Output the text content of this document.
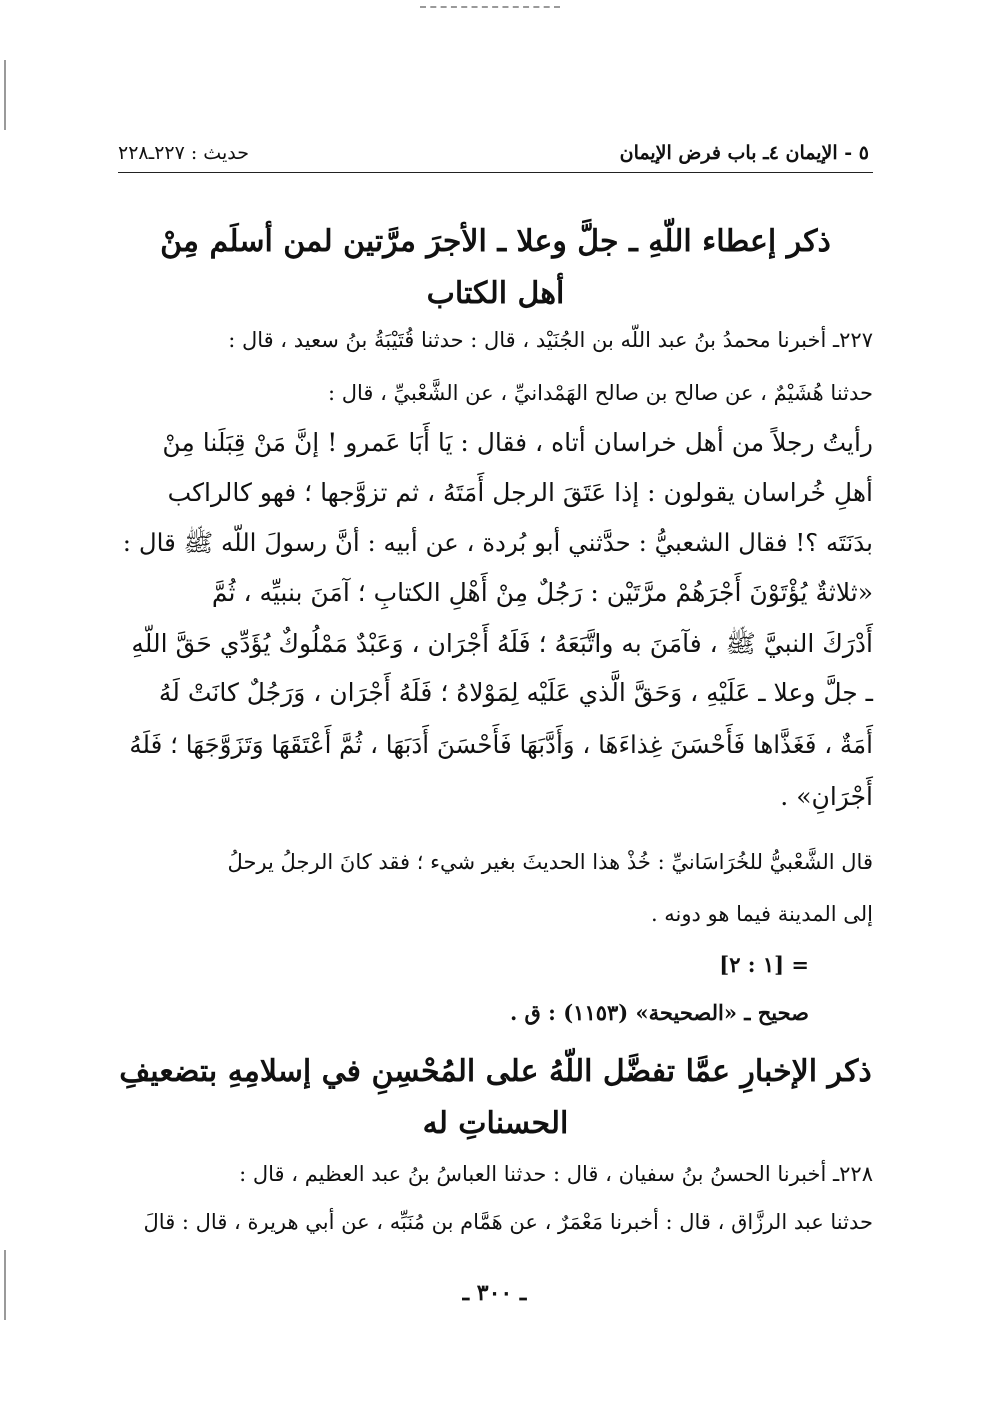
٥ - الإيمان ٤ـ باب فرض الإيمان
حديث : ٢٢٧ـ٢٢٨
ذكر إعطاء اللّهِ ـ جلَّ وعلا ـ الأجرَ مرَّتين لمن أسلَم مِنْ
أهل الكتاب
٢٢٧ـ أخبرنا محمدُ بنُ عبد اللّه بن الجُنَيْد ، قال : حدثنا قُتَيْبَةُ بنُ سعيد ، قال :
حدثنا هُشَيْمٌ ، عن صالح بن صالح الهَمْدانيِّ ، عن الشَّعْبيِّ ، قال :
رأيتُ رجلاً من أهل خراسان أتاه ، فقال : يَا أَبَا عَمرو ! إنَّ مَنْ قِبَلَنا مِنْ
أهلِ خُراسان يقولون : إذا عَتَقَ الرجل أَمَتَهُ ، ثم تزوَّجها ؛ فهو كالراكب
بدَنَتَه ؟! فقال الشعبيُّ : حدَّثني أبو بُردة ، عن أبيه : أنَّ رسولَ اللّه ﷺ قال :
«ثلاثةٌ يُؤْتَوْنَ أَجْرَهُمْ مرَّتَيْن : رَجُلٌ مِنْ أَهْلِ الكتابِ ؛ آمَنَ بنبيِّه ، ثُمَّ
أَدْرَكَ النبيَّ ﷺ ، فآمَنَ به واتَّبَعَهُ ؛ فَلَهُ أَجْرَان ، وَعَبْدٌ مَمْلُوكٌ يُؤَدِّي حَقَّ اللّهِ
ـ جلَّ وعلا ـ عَلَيْهِ ، وَحَقَّ الَّذي عَلَيْه لِمَوْلاهُ ؛ فَلَهُ أَجْرَان ، وَرَجُلٌ كانَتْ لَهُ
أَمَةٌ ، فَغَذَّاها فَأَحْسَنَ غِذاءَهَا ، وَأَدَّبَهَا فَأَحْسَنَ أَدَبَهَا ، ثُمَّ أَعْتَقَهَا وَتَزَوَّجَهَا ؛ فَلَهُ
أَجْرَانِ» .
قال الشَّعْبيُّ للخُرَاسَانيِّ : خُذْ هذا الحديثَ بغير شيء ؛ فقد كانَ الرجلُ يرحلُ
إلى المدينة فيما هو دونه .
= [١ : ٢]
صحيح ـ «الصحيحة» (١١٥٣) : ق .
ذكر الإخبارِ عمَّا تفضَّل اللّهُ على المُحْسِنِ في إسلامِهِ بتضعيفِ
الحسناتِ له
٢٢٨ـ أخبرنا الحسنُ بنُ سفيان ، قال : حدثنا العباسُ بنُ عبد العظيم ، قال :
حدثنا عبد الرزَّاق ، قال : أخبرنا مَعْمَرٌ ، عن هَمَّام بن مُنَبِّه ، عن أبي هريرة ، قال : قالَ
ـ ٣٠٠ ـ
